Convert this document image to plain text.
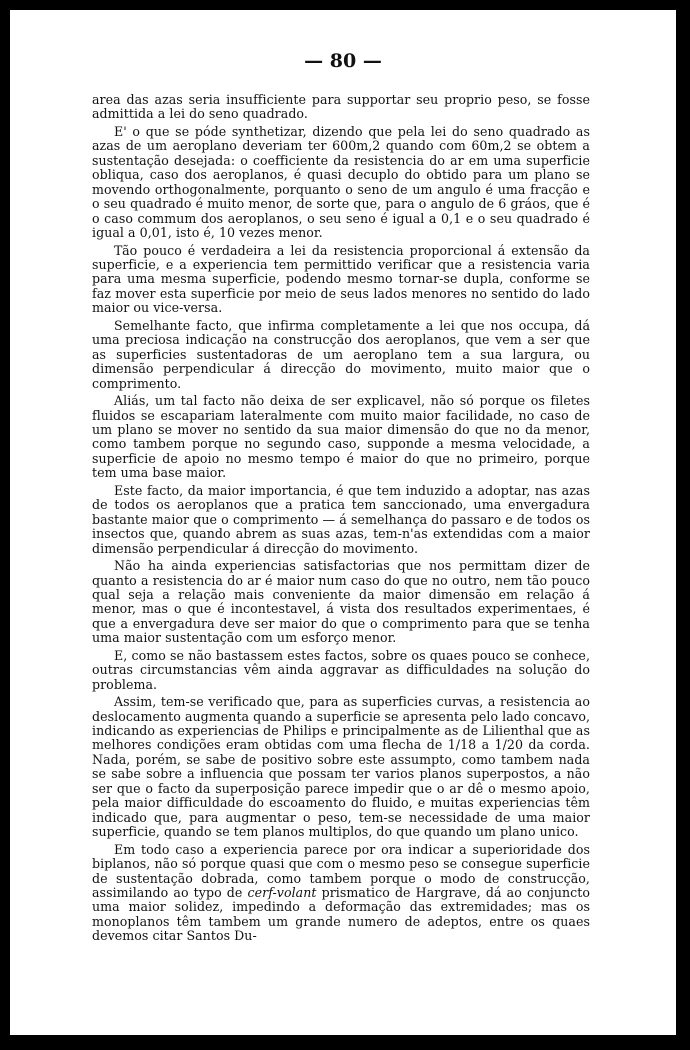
— 80 —

area das azas seria insufficiente para supportar seu proprio peso, se fosse admittida a lei do seno quadrado.

E' o que se póde synthetizar, dizendo que pela lei do seno quadrado as azas de um aeroplano deveriam ter 600m,2 quando com 60m,2 se obtem a sustentação desejada: o coefficiente da resistencia do ar em uma superficie obliqua, caso dos aeroplanos, é quasi decuplo do obtido para um plano se movendo orthogonalmente, porquanto o seno de um angulo é uma fracção e o seu quadrado é muito menor, de sorte que, para o angulo de 6 gráos, que é o caso commum dos aeroplanos, o seu seno é igual a 0,1 e o seu quadrado é igual a 0,01, isto é, 10 vezes menor.

Tão pouco é verdadeira a lei da resistencia proporcional á extensão da superficie, e a experiencia tem permittido verificar que a resistencia varia para uma mesma superficie, podendo mesmo tornar-se dupla, conforme se faz mover esta superficie por meio de seus lados menores no sentido do lado maior ou vice-versa.

Semelhante facto, que infirma completamente a lei que nos occupa, dá uma preciosa indicação na construcção dos aeroplanos, que vem a ser que as superficies sustentadoras de um aeroplano tem a sua largura, ou dimensão perpendicular á direcção do movimento, muito maior que o comprimento.

Aliás, um tal facto não deixa de ser explicavel, não só porque os filetes fluidos se escapariam lateralmente com muito maior facilidade, no caso de um plano se mover no sentido da sua maior dimensão do que no da menor, como tambem porque no segundo caso, supponde a mesma velocidade, a superficie de apoio no mesmo tempo é maior do que no primeiro, porque tem uma base maior.

Este facto, da maior importancia, é que tem induzido a adoptar, nas azas de todos os aeroplanos que a pratica tem sanccionado, uma envergadura bastante maior que o comprimento — á semelhança do passaro e de todos os insectos que, quando abrem as suas azas, tem-n'as extendidas com a maior dimensão perpendicular á direcção do movimento.

Não ha ainda experiencias satisfactorias que nos permittam dizer de quanto a resistencia do ar é maior num caso do que no outro, nem tão pouco qual seja a relação mais conveniente da maior dimensão em relação á menor, mas o que é incontestavel, á vista dos resultados experimentaes, é que a envergadura deve ser maior do que o comprimento para que se tenha uma maior sustentação com um esforço menor.

E, como se não bastassem estes factos, sobre os quaes pouco se conhece, outras circumstancias vêm ainda aggravar as difficuldades na solução do problema.

Assim, tem-se verificado que, para as superficies curvas, a resistencia ao deslocamento augmenta quando a superficie se apresenta pelo lado concavo, indicando as experiencias de Philips e principalmente as de Lilienthal que as melhores condições eram obtidas com uma flecha de 1/18 a 1/20 da corda. Nada, porém, se sabe de positivo sobre este assumpto, como tambem nada se sabe sobre a influencia que possam ter varios planos superpostos, a não ser que o facto da superposição parece impedir que o ar dê o mesmo apoio, pela maior difficuldade do escoamento do fluido, e muitas experiencias têm indicado que, para augmentar o peso, tem-se necessidade de uma maior superficie, quando se tem planos multiplos, do que quando um plano unico.

Em todo caso a experiencia parece por ora indicar a superioridade dos biplanos, não só porque quasi que com o mesmo peso se consegue superficie de sustentação dobrada, como tambem porque o modo de construcção, assimilando ao typo de cerf-volant prismatico de Hargrave, dá ao conjuncto uma maior solidez, impedindo a deformação das extremidades; mas os monoplanos têm tambem um grande numero de adeptos, entre os quaes devemos citar Santos Du-
